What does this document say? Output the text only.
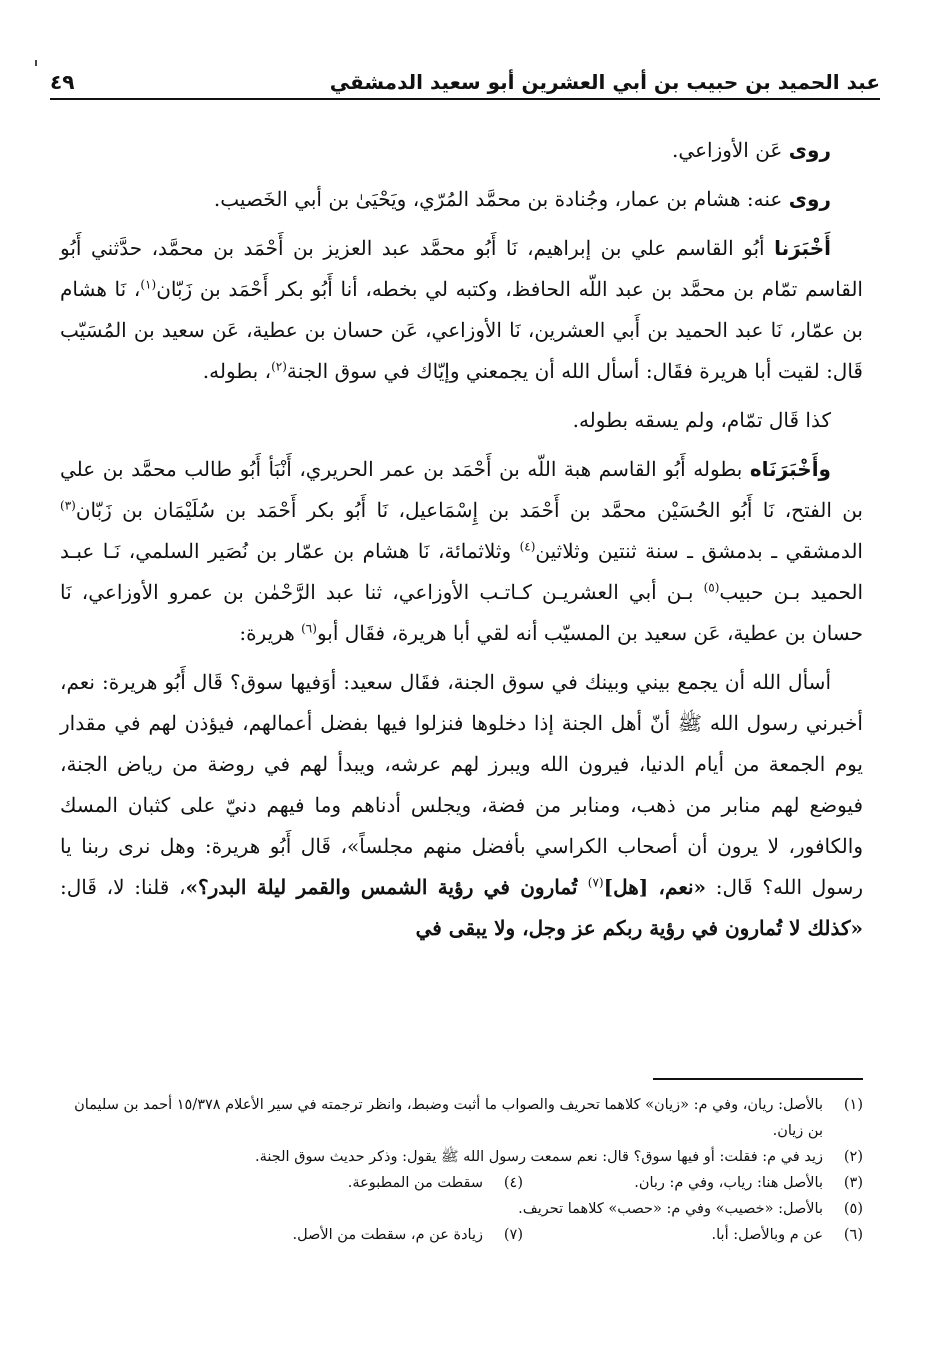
عبد الحميد بن حبيب بن أبي العشرين أبو سعيد الدمشقي
٤٩

روى عَن الأوزاعي.

روى عنه: هشام بن عمار، وجُنادة بن محمَّد المُرّي، ويَحْيَىٰ بن أبي الخَصيب.

أَخْبَرَنا أبُو القاسم علي بن إبراهيم، نَا أَبُو محمَّد عبد العزيز بن أَحْمَد بن محمَّد، حدَّثني أَبُو القاسم تمّام بن محمَّد بن عبد اللّه الحافظ، وكتبه لي بخطه، أنا أَبُو بكر أَحْمَد بن زَبّان$^{(١)}$، نَا هشام بن عمّار، نَا عبد الحميد بن أَبي العشرين، نَا الأوزاعي، عَن حسان بن عطية، عَن سعيد بن المُسَيّب قَال: لقيت أبا هريرة فقَال: أسأل الله أن يجمعني وإيّاك في سوق الجنة$^{(٢)}$، بطوله.

كذا قَال تمّام، ولم يسقه بطوله.

وأَخْبَرَنَاه بطوله أَبُو القاسم هبة اللّه بن أَحْمَد بن عمر الحريري، أَنْبَأ أَبُو طالب محمَّد بن علي بن الفتح، نَا أَبُو الحُسَيْن محمَّد بن أَحْمَد بن إِسْمَاعيل، نَا أَبُو بكر أَحْمَد بن سُلَيْمَان بن زَبّان$^{(٣)}$ الدمشقي ـ بدمشق ـ سنة ثنتين وثلاثين$^{(٤)}$ وثلاثمائة، نَا هشام بن عمّار بن نُصَير السلمي، نَـا عبـد الحميد بـن حبيب$^{(٥)}$ بـن أبي العشريـن كـاتـب الأوزاعي، ثنا عبد الرَّحْمٰن بن عمرو الأوزاعي، نَا حسان بن عطية، عَن سعيد بن المسيّب أنه لقي أبا هريرة، فقَال أبو$^{(٦)}$ هريرة:

أسأل الله أن يجمع بيني وبينك في سوق الجنة، فقَال سعيد: أوَفيها سوق؟ قَال أَبُو هريرة: نعم، أخبرني رسول الله ﷺ أنّ أهل الجنة إذا دخلوها فنزلوا فيها بفضل أعمالهم، فيؤذن لهم في مقدار يوم الجمعة من أيام الدنيا، فيرون الله ويبرز لهم عرشه، ويبدأ لهم في روضة من رياض الجنة، فيوضع لهم منابر من ذهب، ومنابر من فضة، ويجلس أدناهم وما فيهم دنيّ على كثبان المسك والكافور، لا يرون أن أصحاب الكراسي بأفضل منهم مجلساً»، قَال أَبُو هريرة: وهل نرى ربنا يا رسول الله؟ قَال: «نعم، [هل]$^{(٧)}$ تُمارون في رؤية الشمس والقمر ليلة البدر؟»، قلنا: لا، قَال: «كذلك لا تُمارون في رؤية ربكم عز وجل، ولا يبقى في

(١)
بالأصل: ريان، وفي م: «زيان» كلاهما تحريف والصواب ما أثبت وضبط، وانظر ترجمته في سير الأعلام ١٥/٣٧٨ أحمد بن سليمان بن زيان.
(٢)
زيد في م: فقلت: أو فيها سوق؟ قال: نعم سمعت رسول الله ﷺ يقول: وذكر حديث سوق الجنة.
(٣)
بالأصل هنا: رياب، وفي م: ربان.
(٤)
سقطت من المطبوعة.
(٥)
بالأصل: «خصيب» وفي م: «حصب» كلاهما تحريف.
(٦)
عن م وبالأصل: أبا.
(٧)
زيادة عن م، سقطت من الأصل.
